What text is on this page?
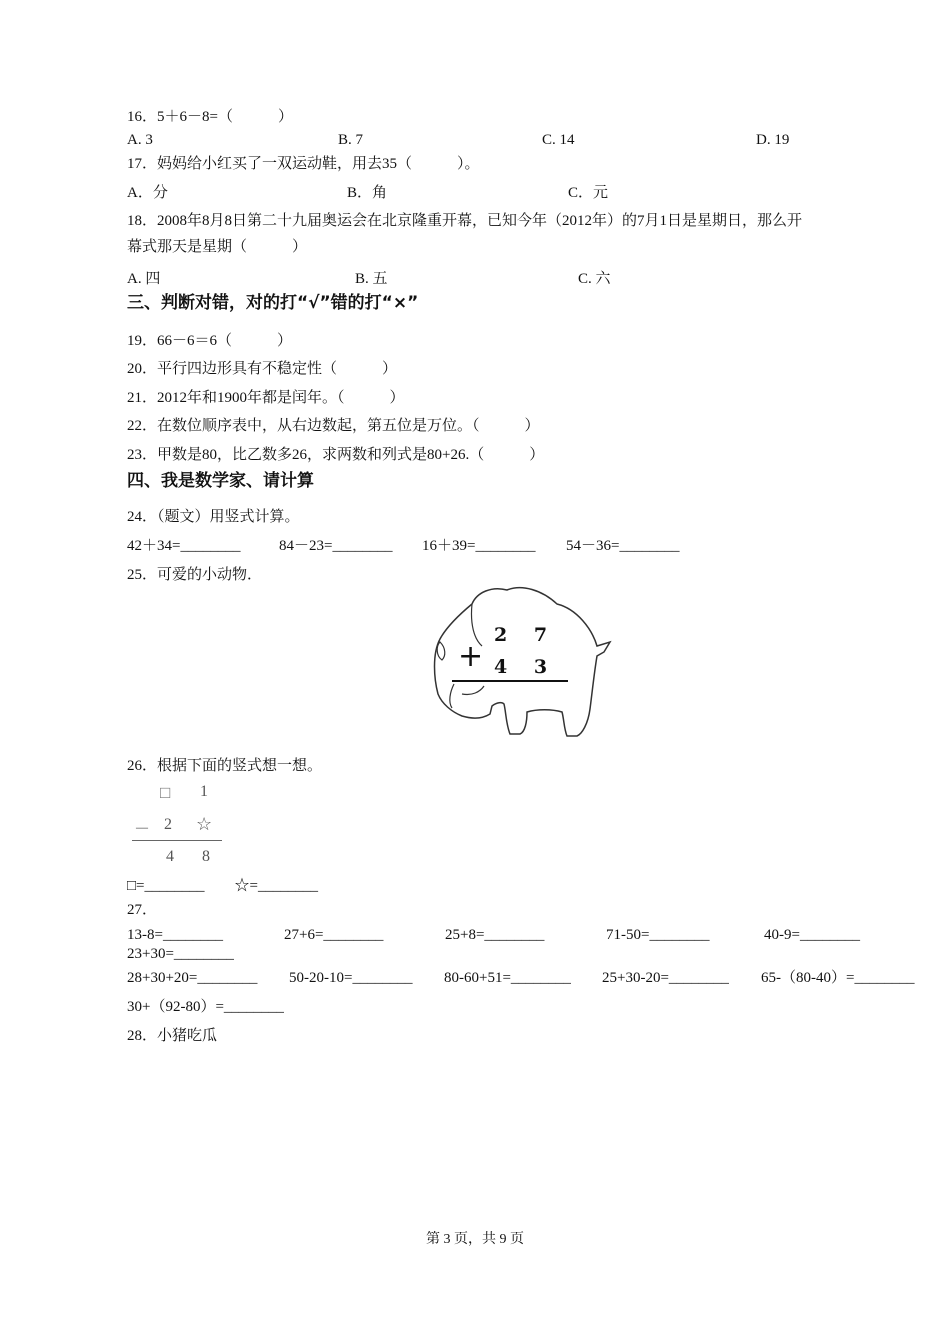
16．5＋6－8=（　　　）
A. 3	B. 7	C. 14	D. 19
17．妈妈给小红买了一双运动鞋，用去35（　　　）。
A．分	B．角	C．元
18．2008年8月8日第二十九届奥运会在北京隆重开幕，已知今年（2012年）的7月1日是星期日，那么开
幕式那天是星期（　　　）
A. 四	B. 五	C. 六
三、判断对错，对的打“√”错的打“×”
19．66－6＝6（　　　）
20．平行四边形具有不稳定性（　　　）
21．2012年和1900年都是闰年。（　　　）
22．在数位顺序表中，从右边数起，第五位是万位。（　　　）
23．甲数是80，比乙数多26，求两数和列式是80+26.（　　　）
四、我是数学家、请计算
24．（题文）用竖式计算。
42＋34=________	84－23=________ 16＋39=________ 54－36=________
25．可爱的小动物．
2 7
+ 4 3
26．根据下面的竖式想一想。
□ 1
－ 2 ☆
4 8
□=________　　☆=________
27．
13-8=________	27+6=________	25+8=________	71-50=________	40-9=________
23+30=________
28+30+20=________ 50-20-10=________ 80-60+51=________ 25+30-20=________ 65-（80-40）=________
30+（92-80）=________
28．小猪吃瓜
第 3 页，共 9 页
